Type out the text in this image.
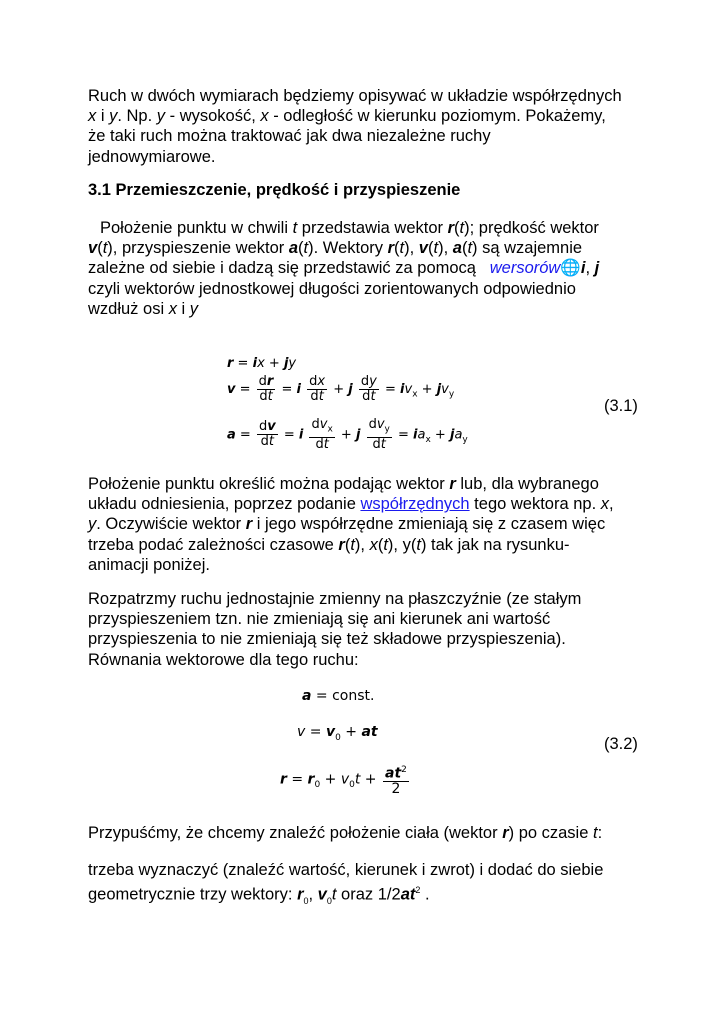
Ruch w dwóch wymiarach będziemy opisywać w układzie współrzędnych
x i y. Np. y - wysokość, x - odległość w kierunku poziomym. Pokażemy,
że taki ruch można traktować jak dwa niezależne ruchy
jednowymiarowe.
3.1 Przemieszczenie, prędkość i przyspieszenie
Położenie punktu w chwili t przedstawia wektor r(t); prędkość wektor
v(t), przyspieszenie wektor a(t). Wektory r(t), v(t), a(t) są wzajemnie
zależne od siebie i dadzą się przedstawić za pomocą wersorów🌐i, j
czyli wektorów jednostkowej długości zorientowanych odpowiednio
wzdłuż osi x i y
r = ix + jy
$v = \frac{dr}{dt} = i \frac{dx}{dt} + j \frac{dy}{dt} = iv_x + jv_y$
$a = \frac{dv}{dt} = i \frac{dv_x}{dt} + j \frac{dv_y}{dt} = ia_x + ja_y$
(3.1)
Położenie punktu określić można podając wektor r lub, dla wybranego
układu odniesienia, poprzez podanie współrzędnych tego wektora np. x,
y. Oczywiście wektor r i jego współrzędne zmieniają się z czasem więc
trzeba podać zależności czasowe r(t), x(t), y(t) tak jak na rysunku-
animacji poniżej.
Rozpatrzmy ruchu jednostajnie zmienny na płaszczyźnie (ze stałym
przyspieszeniem tzn. nie zmieniają się ani kierunek ani wartość
przyspieszenia to nie zmieniają się też składowe przyspieszenia).
Równania wektorowe dla tego ruchu:
a = const.
$v = v_0$ + at
$r = r_0 + v_0t + \frac{at^2}{2}$
(3.2)
Przypuśćmy, że chcemy znaleźć położenie ciała (wektor r) po czasie t:
trzeba wyznaczyć (znaleźć wartość, kierunek i zwrot) i dodać do siebie
geometrycznie trzy wektory: $r_0$, $v_0t$ oraz $1/2at^2$ .
